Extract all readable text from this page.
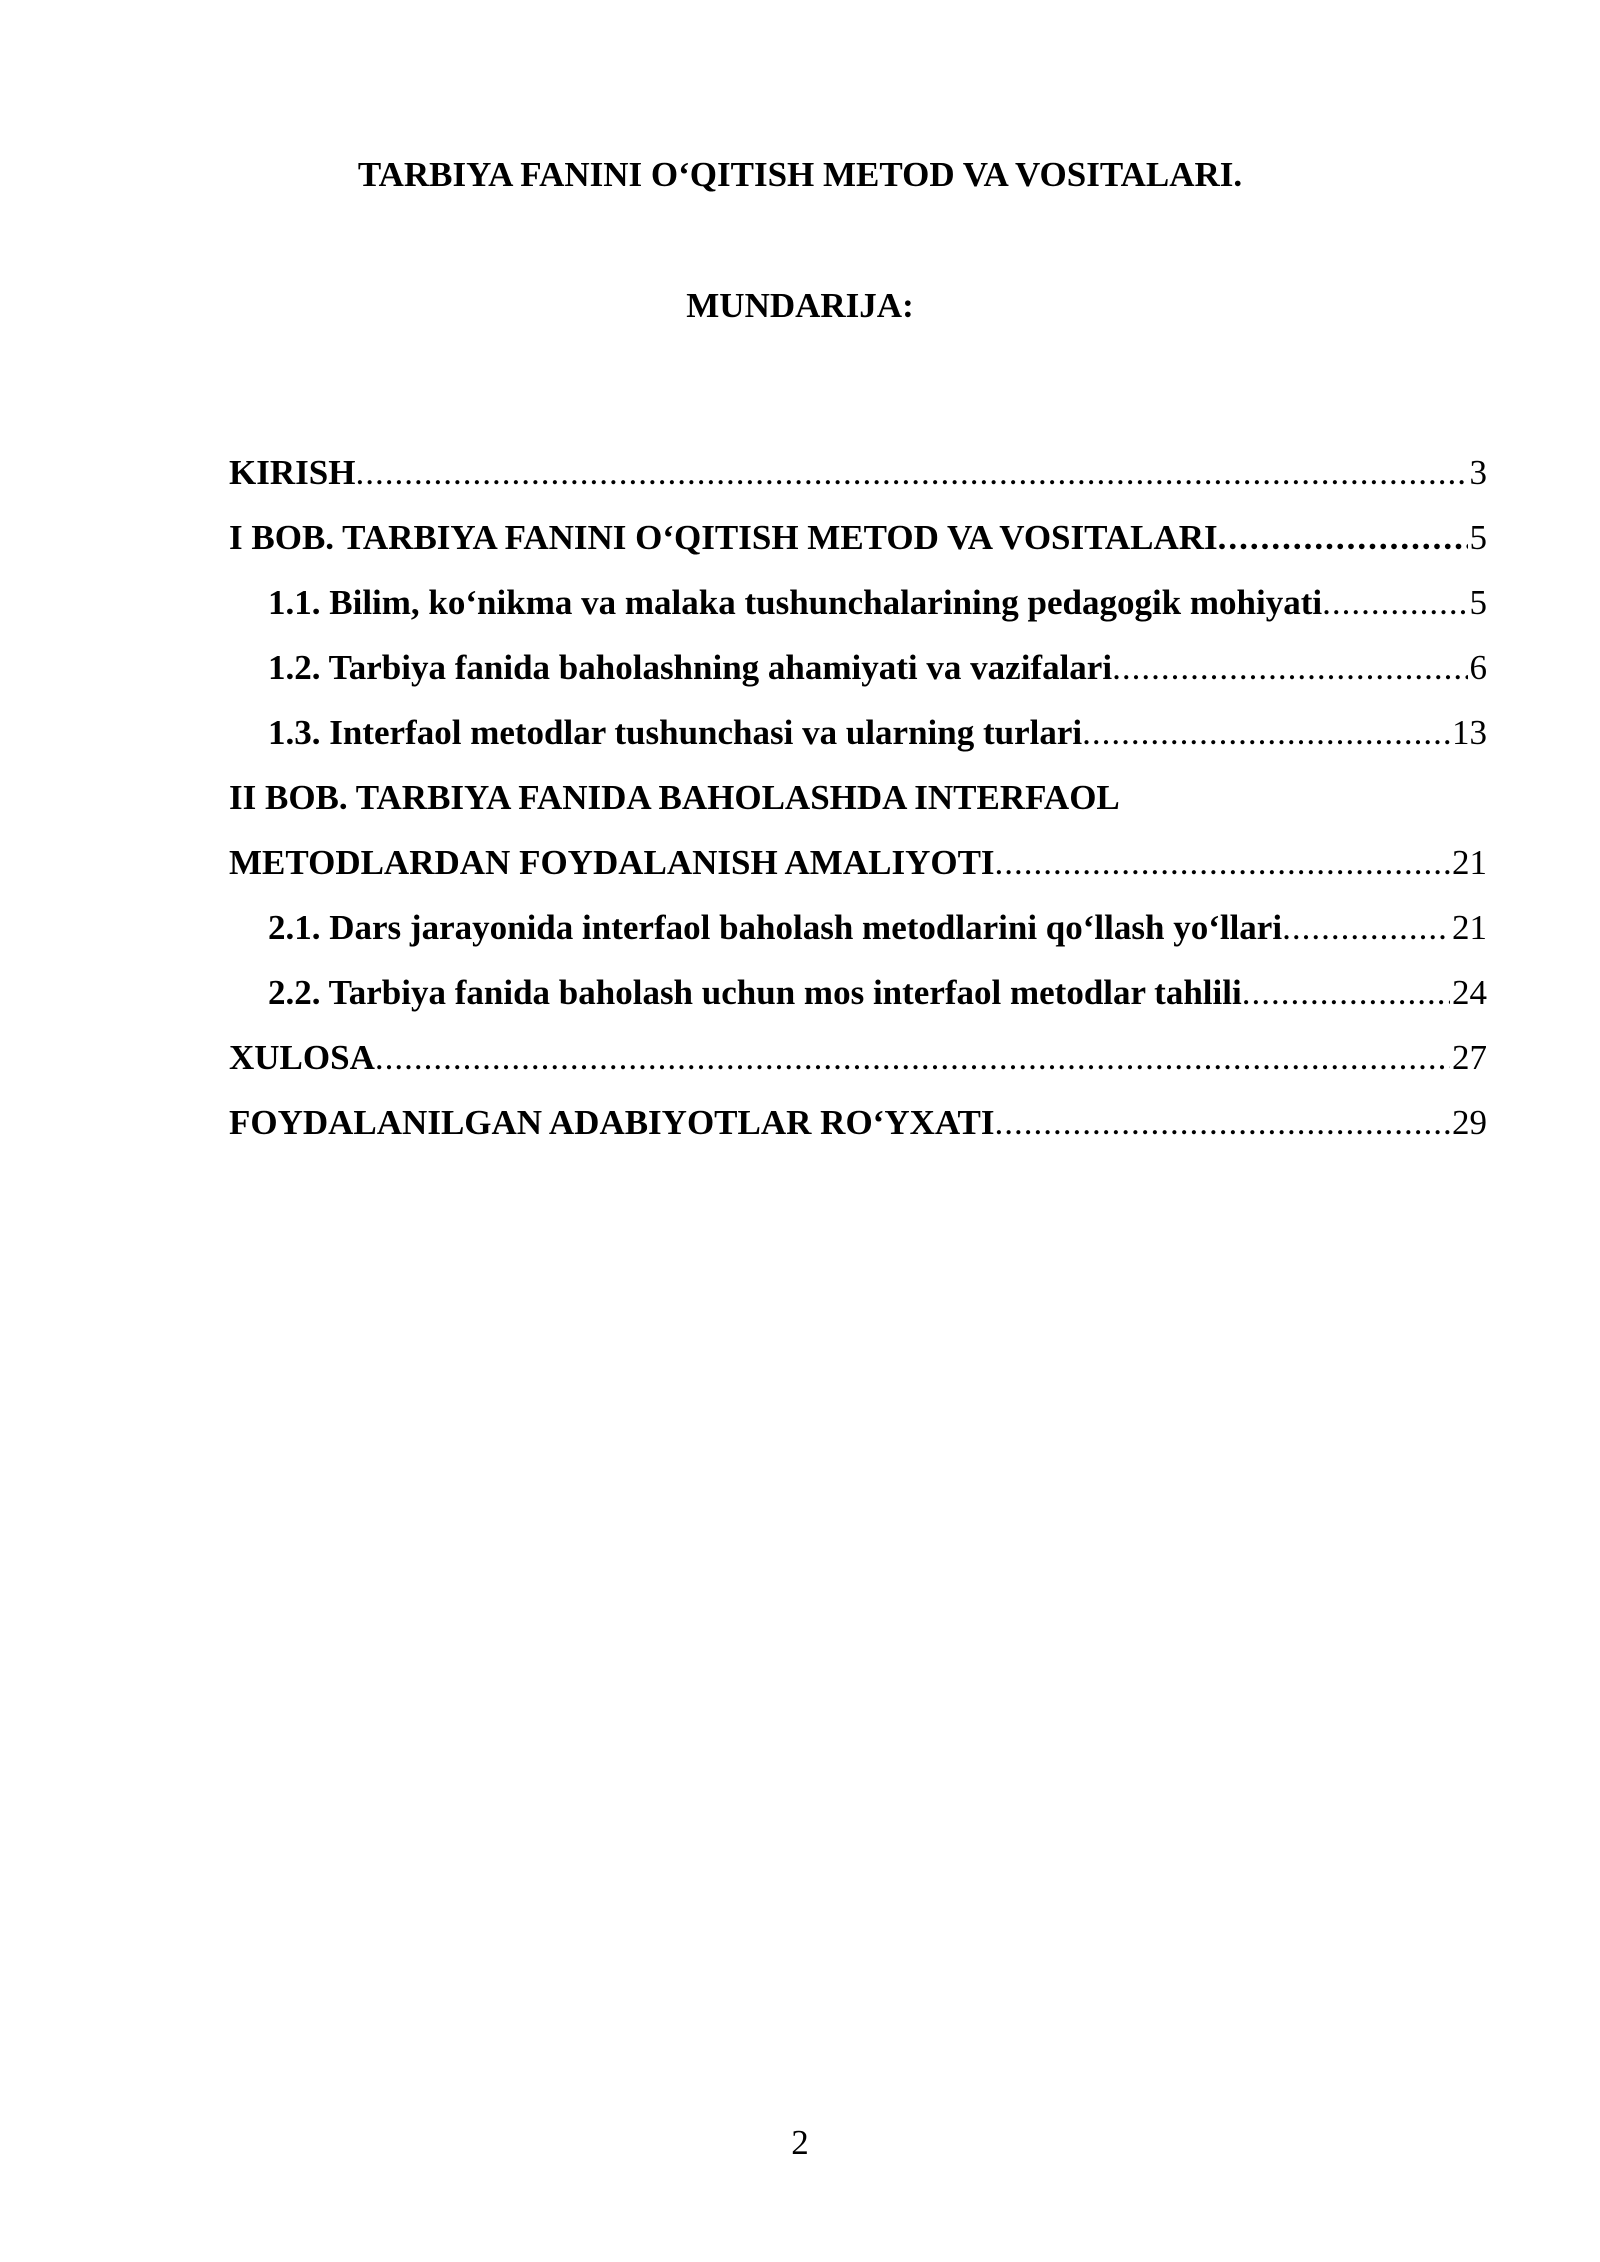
TARBIYA FANINI O‘QITISH METOD VA VOSITALARI.
MUNDARIJA:
KIRISH .....	3
I BOB. TARBIYA FANINI O‘QITISH METOD VA VOSITALARI .....	5
1.1. Bilim, ko‘nikma va malaka tushunchalarining pedagogik mohiyati .....	5
1.2. Tarbiya fanida baholashning ahamiyati va vazifalari .....	6
1.3. Interfaol metodlar tushunchasi va ularning turlari .....	13
II BOB. TARBIYA FANIDA BAHOLASHDA INTERFAOL
METODLARDAN FOYDALANISH AMALIYOTI .....	21
2.1. Dars jarayonida interfaol baholash metodlarini qo‘llash yo‘llari .....	21
2.2. Tarbiya fanida baholash uchun mos interfaol metodlar tahlili .....	24
XULOSA .....	27
FOYDALANILGAN ADABIYOTLAR RO‘YXATI .....	29
2
